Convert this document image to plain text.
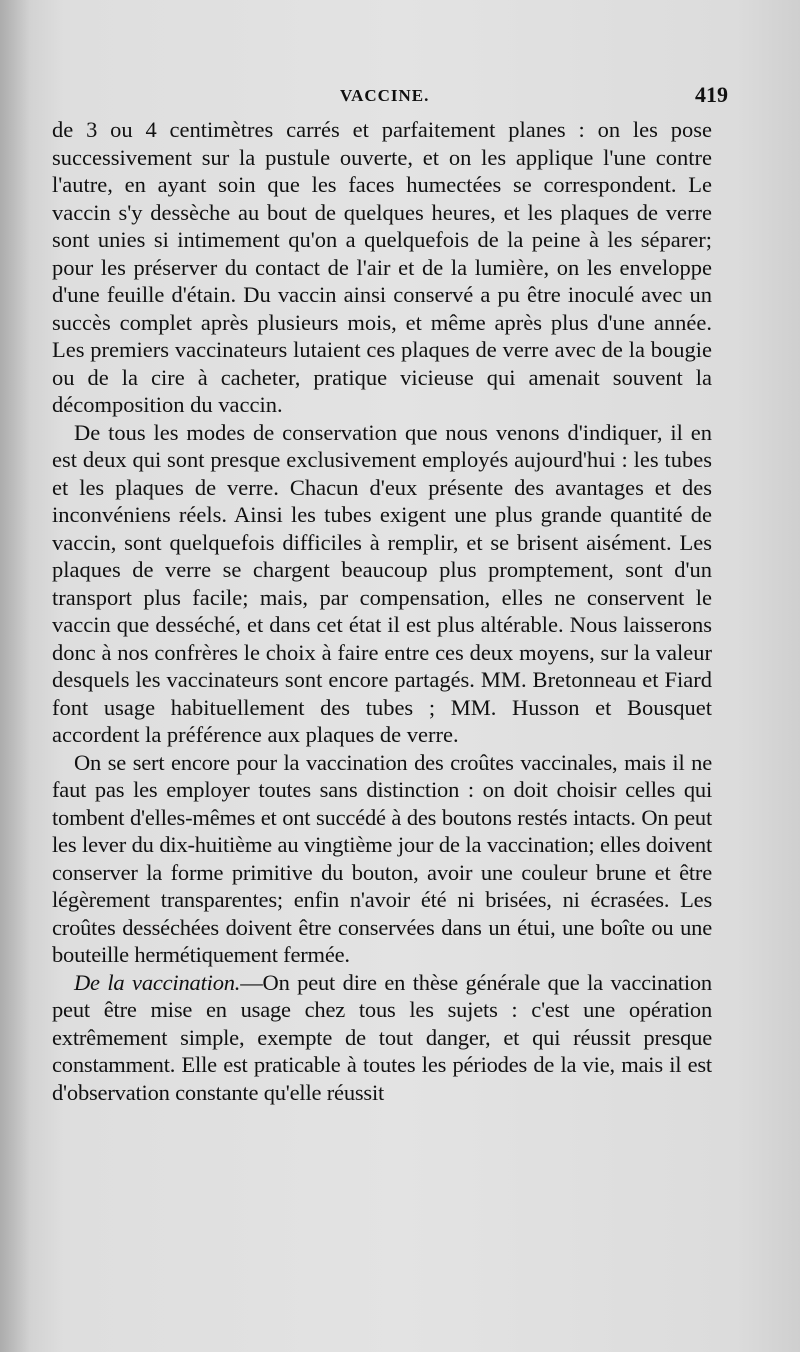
VACCINE.	419

de 3 ou 4 centimètres carrés et parfaitement planes : on les pose successivement sur la pustule ouverte, et on les applique l'une contre l'autre, en ayant soin que les faces humectées se correspondent. Le vaccin s'y dessèche au bout de quelques heures, et les plaques de verre sont unies si intimement qu'on a quelquefois de la peine à les séparer; pour les préserver du contact de l'air et de la lumière, on les enveloppe d'une feuille d'étain. Du vaccin ainsi conservé a pu être inoculé avec un succès complet après plusieurs mois, et même après plus d'une année. Les premiers vaccinateurs lutaient ces plaques de verre avec de la bougie ou de la cire à cacheter, pratique vicieuse qui amenait souvent la décomposition du vaccin.

De tous les modes de conservation que nous venons d'indiquer, il en est deux qui sont presque exclusivement employés aujourd'hui : les tubes et les plaques de verre. Chacun d'eux présente des avantages et des inconvéniens réels. Ainsi les tubes exigent une plus grande quantité de vaccin, sont quelquefois difficiles à remplir, et se brisent aisément. Les plaques de verre se chargent beaucoup plus promptement, sont d'un transport plus facile; mais, par compensation, elles ne conservent le vaccin que desséché, et dans cet état il est plus altérable. Nous laisserons donc à nos confrères le choix à faire entre ces deux moyens, sur la valeur desquels les vaccinateurs sont encore partagés. MM. Bretonneau et Fiard font usage habituellement des tubes ; MM. Husson et Bousquet accordent la préférence aux plaques de verre.

On se sert encore pour la vaccination des croûtes vaccinales, mais il ne faut pas les employer toutes sans distinction : on doit choisir celles qui tombent d'elles-mêmes et ont succédé à des boutons restés intacts. On peut les lever du dix-huitième au vingtième jour de la vaccination; elles doivent conserver la forme primitive du bouton, avoir une couleur brune et être légèrement transparentes; enfin n'avoir été ni brisées, ni écrasées. Les croûtes desséchées doivent être conservées dans un étui, une boîte ou une bouteille hermétiquement fermée.

De la vaccination.—On peut dire en thèse générale que la vaccination peut être mise en usage chez tous les sujets : c'est une opération extrêmement simple, exempte de tout danger, et qui réussit presque constamment. Elle est praticable à toutes les périodes de la vie, mais il est d'observation constante qu'elle réussit
